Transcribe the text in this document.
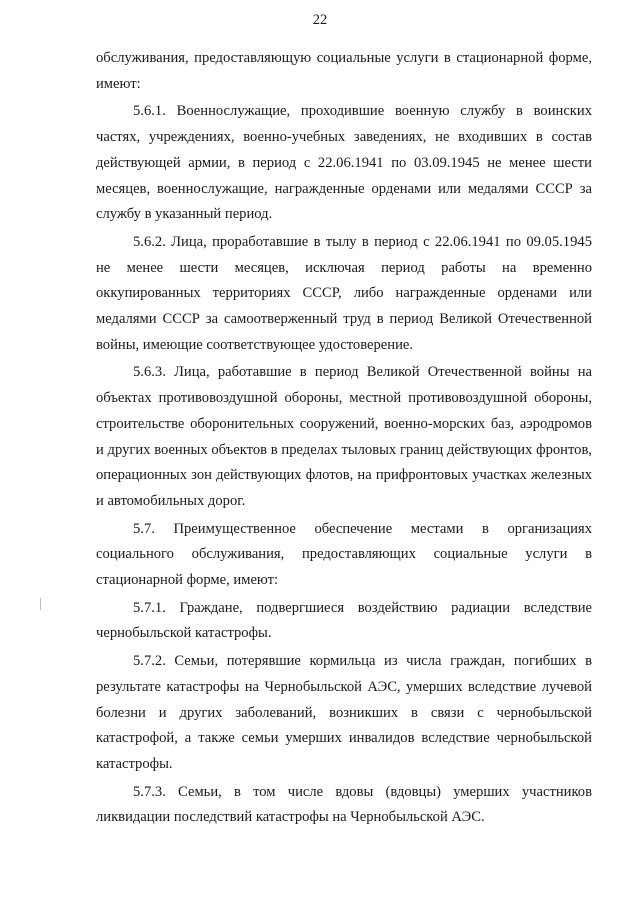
22

обслуживания, предоставляющую социальные услуги в стационарной форме, имеют:

5.6.1. Военнослужащие, проходившие военную службу в воинских частях, учреждениях, военно-учебных заведениях, не входивших в состав действующей армии, в период с 22.06.1941 по 03.09.1945 не менее шести месяцев, военнослужащие, награжденные орденами или медалями СССР за службу в указанный период.

5.6.2. Лица, проработавшие в тылу в период с 22.06.1941 по 09.05.1945 не менее шести месяцев, исключая период работы на временно оккупированных территориях СССР, либо награжденные орденами или медалями СССР за самоотверженный труд в период Великой Отечественной войны, имеющие соответствующее удостоверение.

5.6.3. Лица, работавшие в период Великой Отечественной войны на объектах противовоздушной обороны, местной противовоздушной обороны, строительстве оборонительных сооружений, военно-морских баз, аэродромов и других военных объектов в пределах тыловых границ действующих фронтов, операционных зон действующих флотов, на прифронтовых участках железных и автомобильных дорог.

5.7. Преимущественное обеспечение местами в организациях социального обслуживания, предоставляющих социальные услуги в стационарной форме, имеют:

5.7.1. Граждане, подвергшиеся воздействию радиации вследствие чернобыльской катастрофы.

5.7.2. Семьи, потерявшие кормильца из числа граждан, погибших в результате катастрофы на Чернобыльской АЭС, умерших вследствие лучевой болезни и других заболеваний, возникших в связи с чернобыльской катастрофой, а также семьи умерших инвалидов вследствие чернобыльской катастрофы.

5.7.3. Семьи, в том числе вдовы (вдовцы) умерших участников ликвидации последствий катастрофы на Чернобыльской АЭС.
